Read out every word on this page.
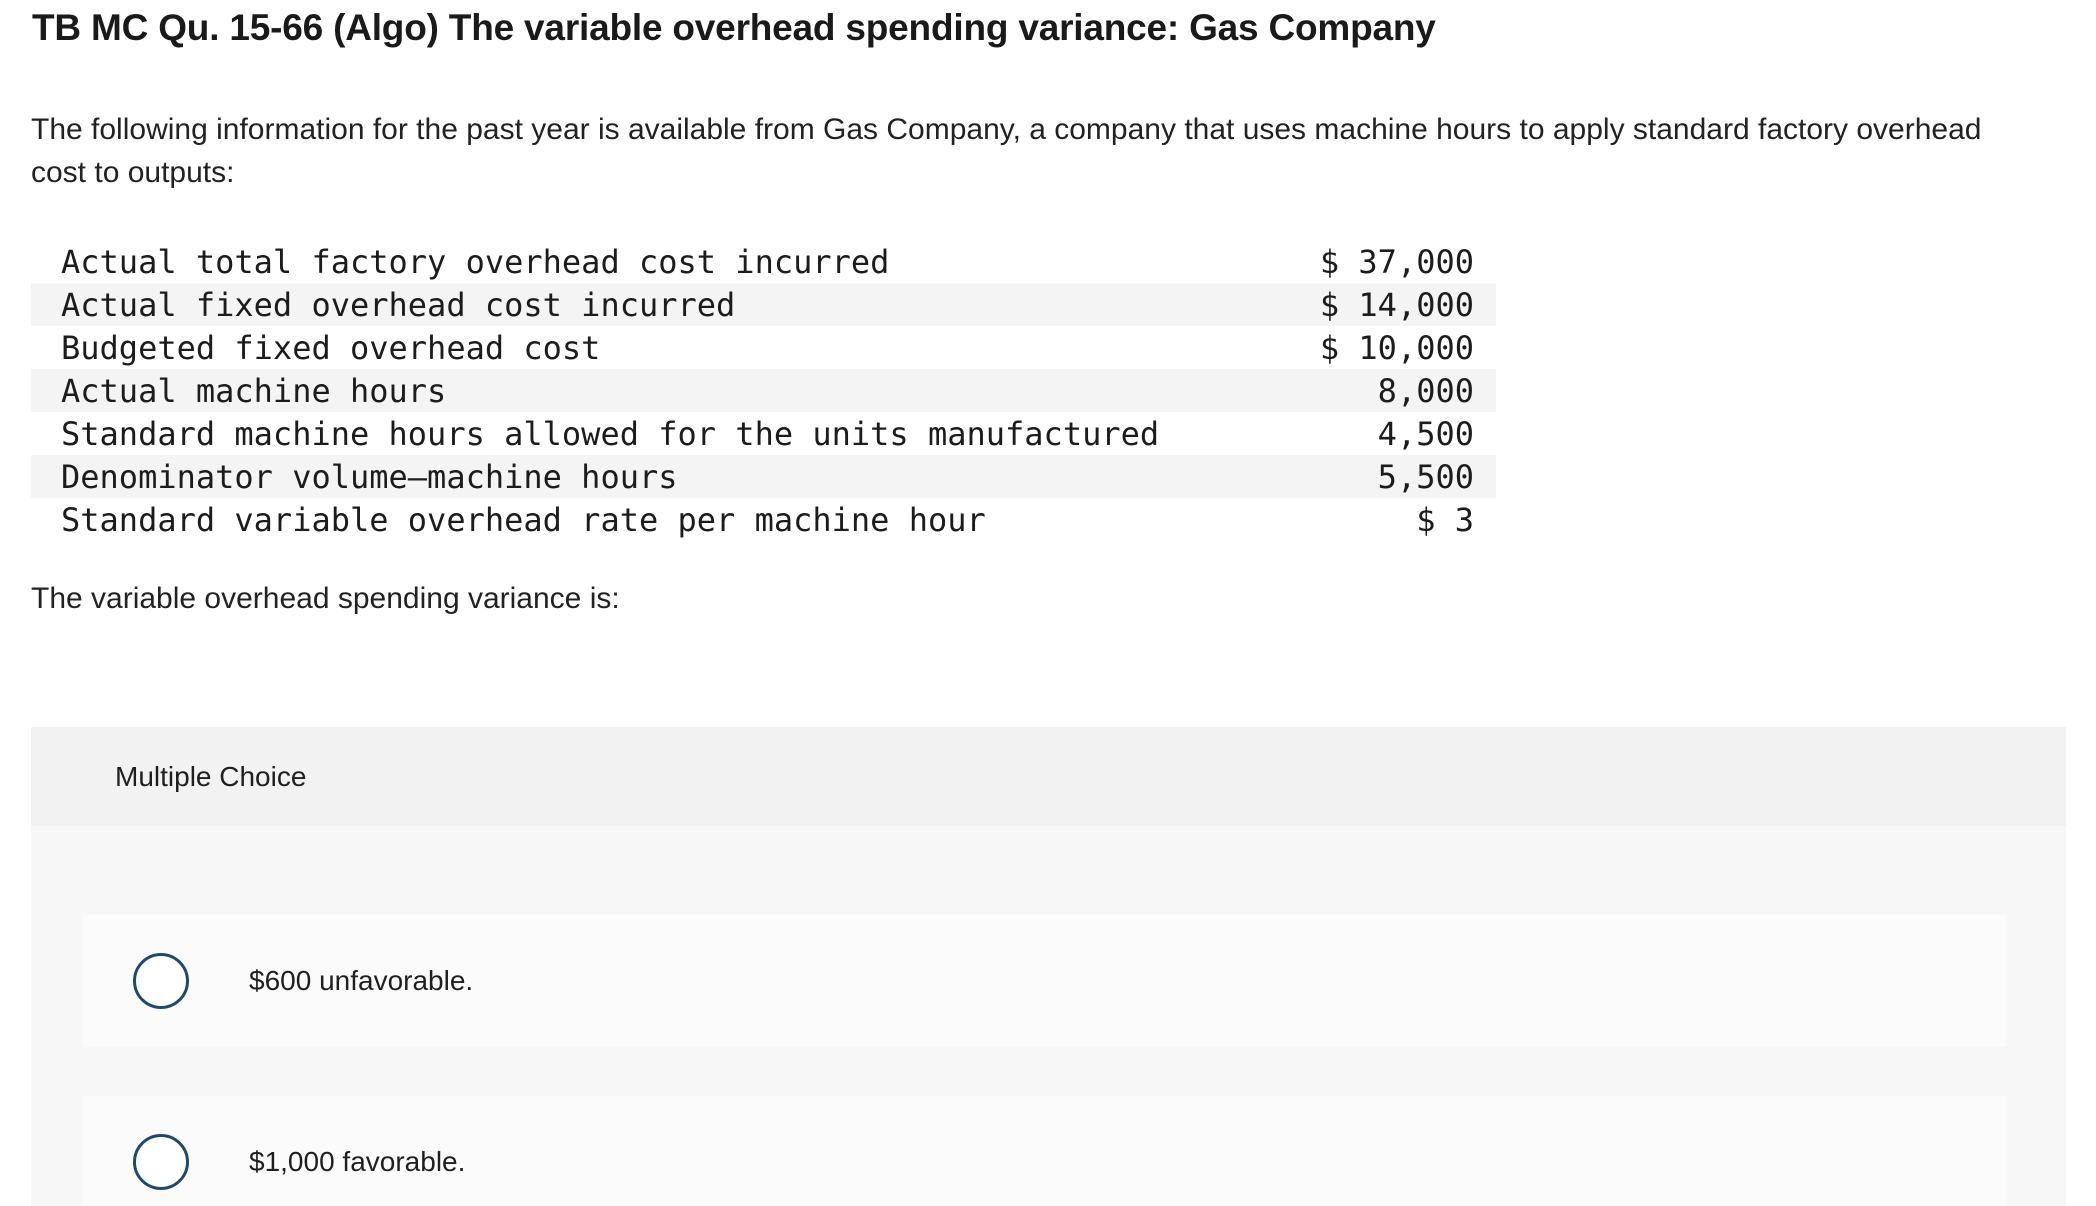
TB MC Qu. 15-66 (Algo) The variable overhead spending variance: Gas Company

The following information for the past year is available from Gas Company, a company that uses machine hours to apply standard factory overhead cost to outputs:

Actual total factory overhead cost incurred	$ 37,000
Actual fixed overhead cost incurred	$ 14,000
Budgeted fixed overhead cost	$ 10,000
Actual machine hours	8,000
Standard machine hours allowed for the units manufactured	4,500
Denominator volume—machine hours	5,500
Standard variable overhead rate per machine hour	$ 3

The variable overhead spending variance is:

Multiple Choice
$600 unfavorable.
$1,000 favorable.
